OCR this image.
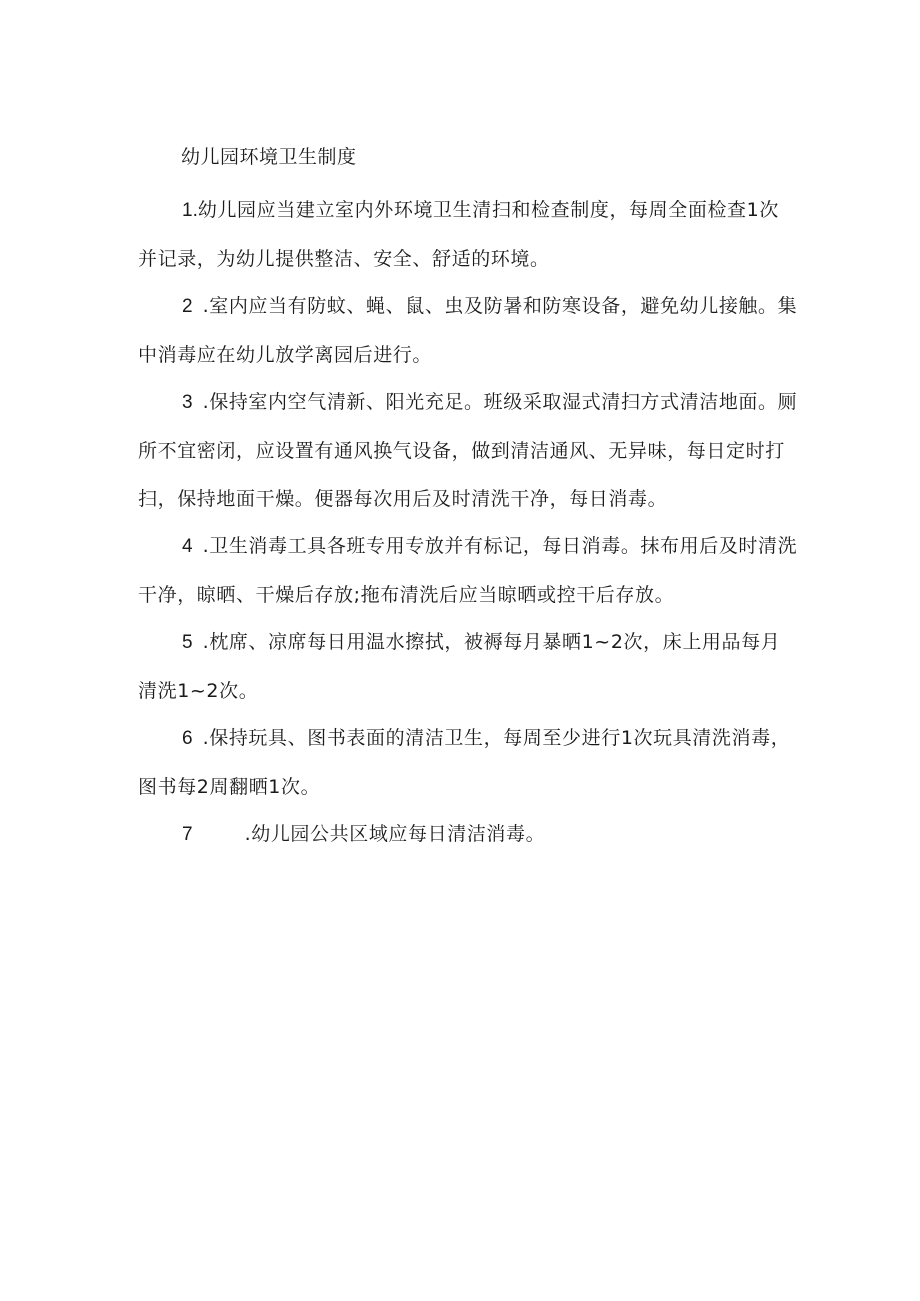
幼儿园环境卫生制度

1.幼儿园应当建立室内外环境卫生清扫和检查制度，每周全面检查1次并记录，为幼儿提供整洁、安全、舒适的环境。

2 .室内应当有防蚊、蝇、鼠、虫及防暑和防寒设备，避免幼儿接触。集中消毒应在幼儿放学离园后进行。

3 .保持室内空气清新、阳光充足。班级采取湿式清扫方式清洁地面。厕所不宜密闭，应设置有通风换气设备，做到清洁通风、无异味，每日定时打扫，保持地面干燥。便器每次用后及时清洗干净，每日消毒。

4 .卫生消毒工具各班专用专放并有标记，每日消毒。抹布用后及时清洗干净，晾晒、干燥后存放;拖布清洗后应当晾晒或控干后存放。

5 .枕席、凉席每日用温水擦拭，被褥每月暴晒1~2次，床上用品每月清洗1~2次。

6 .保持玩具、图书表面的清洁卫生，每周至少进行1次玩具清洗消毒，图书每2周翻晒1次。

7	.幼儿园公共区域应每日清洁消毒。
